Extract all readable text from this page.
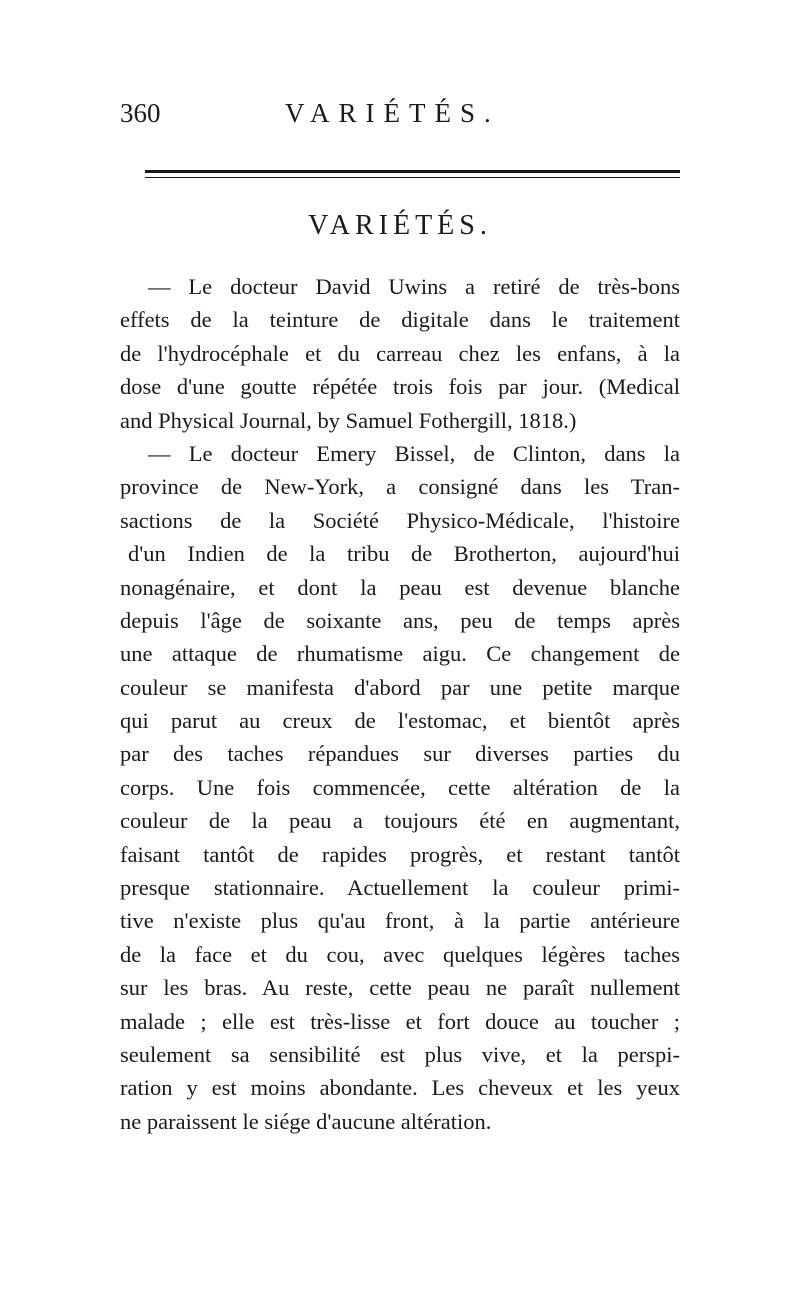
360	VARIÉTÉS.
VARIÉTÉS.
— Le docteur David Uwins a retiré de très-bons
effets de la teinture de digitale dans le traitement
de l'hydrocéphale et du carreau chez les enfans, à la
dose d'une goutte répétée trois fois par jour. (Medical
and Physical Journal, by Samuel Fothergill, 1818.)
— Le docteur Emery Bissel, de Clinton, dans la
province de New-York, a consigné dans les Tran-
sactions de la Société Physico-Médicale, l'histoire
d'un Indien de la tribu de Brotherton, aujourd'hui
nonagénaire, et dont la peau est devenue blanche
depuis l'âge de soixante ans, peu de temps après
une attaque de rhumatisme aigu. Ce changement de
couleur se manifesta d'abord par une petite marque
qui parut au creux de l'estomac, et bientôt après
par des taches répandues sur diverses parties du
corps. Une fois commencée, cette altération de la
couleur de la peau a toujours été en augmentant,
faisant tantôt de rapides progrès, et restant tantôt
presque stationnaire. Actuellement la couleur primi-
tive n'existe plus qu'au front, à la partie antérieure
de la face et du cou, avec quelques légères taches
sur les bras. Au reste, cette peau ne paraît nullement
malade ; elle est très-lisse et fort douce au toucher ;
seulement sa sensibilité est plus vive, et la perspi-
ration y est moins abondante. Les cheveux et les yeux
ne paraissent le siége d'aucune altération.
